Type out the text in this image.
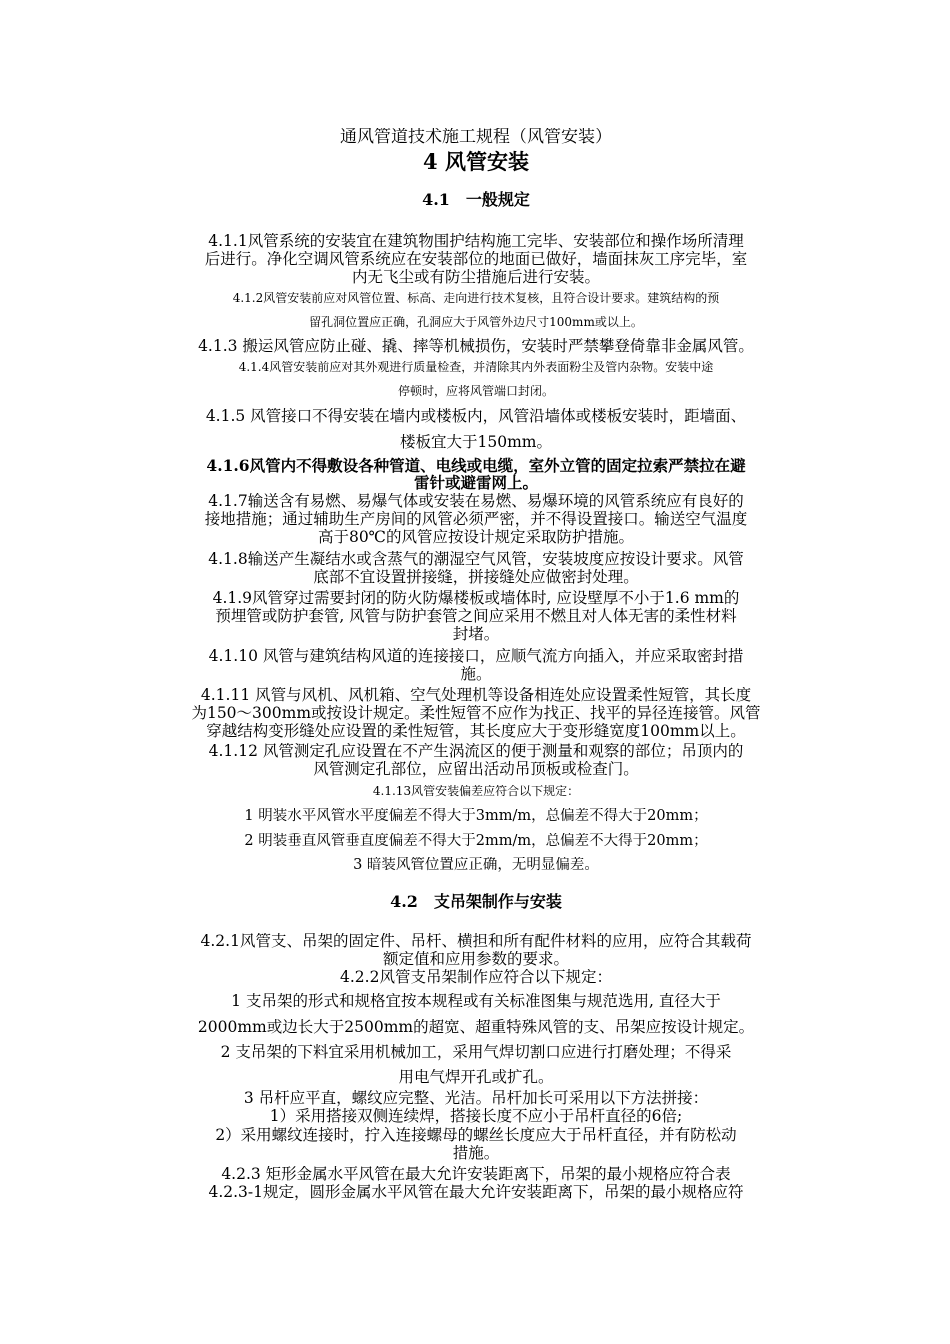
通风管道技术施工规程（风管安装）
4 风管安装
4.1　一般规定
4.1.1风管系统的安装宜在建筑物围护结构施工完毕、安装部位和操作场所清理
后进行。净化空调风管系统应在安装部位的地面已做好，墙面抹灰工序完毕，室
内无飞尘或有防尘措施后进行安装。
4.1.2风管安装前应对风管位置、标高、走向进行技术复核，且符合设计要求。建筑结构的预
留孔洞位置应正确，孔洞应大于风管外边尺寸100mm或以上。
4.1.3 搬运风管应防止碰、撬、摔等机械损伤，安装时严禁攀登倚靠非金属风管。
4.1.4风管安装前应对其外观进行质量检查，并清除其内外表面粉尘及管内杂物。安装中途
停顿时，应将风管端口封闭。
4.1.5 风管接口不得安装在墙内或楼板内，风管沿墙体或楼板安装时，距墙面、
楼板宜大于150mm。
4.1.6风管内不得敷设各种管道、电线或电缆，室外立管的固定拉索严禁拉在避
雷针或避雷网上。
4.1.7输送含有易燃、易爆气体或安装在易燃、易爆环境的风管系统应有良好的
接地措施；通过辅助生产房间的风管必须严密，并不得设置接口。输送空气温度
高于80℃的风管应按设计规定采取防护措施。
4.1.8输送产生凝结水或含蒸气的潮湿空气风管，安装坡度应按设计要求。风管
底部不宜设置拼接缝，拼接缝处应做密封处理。
4.1.9风管穿过需要封闭的防火防爆楼板或墙体时, 应设壁厚不小于1.6 mm的
预埋管或防护套管, 风管与防护套管之间应采用不燃且对人体无害的柔性材料
封堵。
4.1.10 风管与建筑结构风道的连接接口，应顺气流方向插入，并应采取密封措
施。
4.1.11 风管与风机、风机箱、空气处理机等设备相连处应设置柔性短管，其长度
为150～300mm或按设计规定。柔性短管不应作为找正、找平的异径连接管。风管
穿越结构变形缝处应设置的柔性短管，其长度应大于变形缝宽度100mm以上。
4.1.12 风管测定孔应设置在不产生涡流区的便于测量和观察的部位；吊顶内的
风管测定孔部位，应留出活动吊顶板或检查门。
4.1.13风管安装偏差应符合以下规定：
1 明装水平风管水平度偏差不得大于3mm/m，总偏差不得大于20mm；
2 明装垂直风管垂直度偏差不得大于2mm/m，总偏差不大得于20mm；
3 暗装风管位置应正确，无明显偏差。
4.2　支吊架制作与安装
4.2.1风管支、吊架的固定件、吊杆、横担和所有配件材料的应用，应符合其载荷
额定值和应用参数的要求。
4.2.2风管支吊架制作应符合以下规定：
1 支吊架的形式和规格宜按本规程或有关标准图集与规范选用, 直径大于
2000mm或边长大于2500mm的超宽、超重特殊风管的支、吊架应按设计规定。
2 支吊架的下料宜采用机械加工，采用气焊切割口应进行打磨处理；不得采
用电气焊开孔或扩孔。
3 吊杆应平直，螺纹应完整、光洁。吊杆加长可采用以下方法拼接：
1）采用搭接双侧连续焊，搭接长度不应小于吊杆直径的6倍;
2）采用螺纹连接时，拧入连接螺母的螺丝长度应大于吊杆直径，并有防松动
措施。
4.2.3 矩形金属水平风管在最大允许安装距离下，吊架的最小规格应符合表
4.2.3-1规定，圆形金属水平风管在最大允许安装距离下，吊架的最小规格应符
